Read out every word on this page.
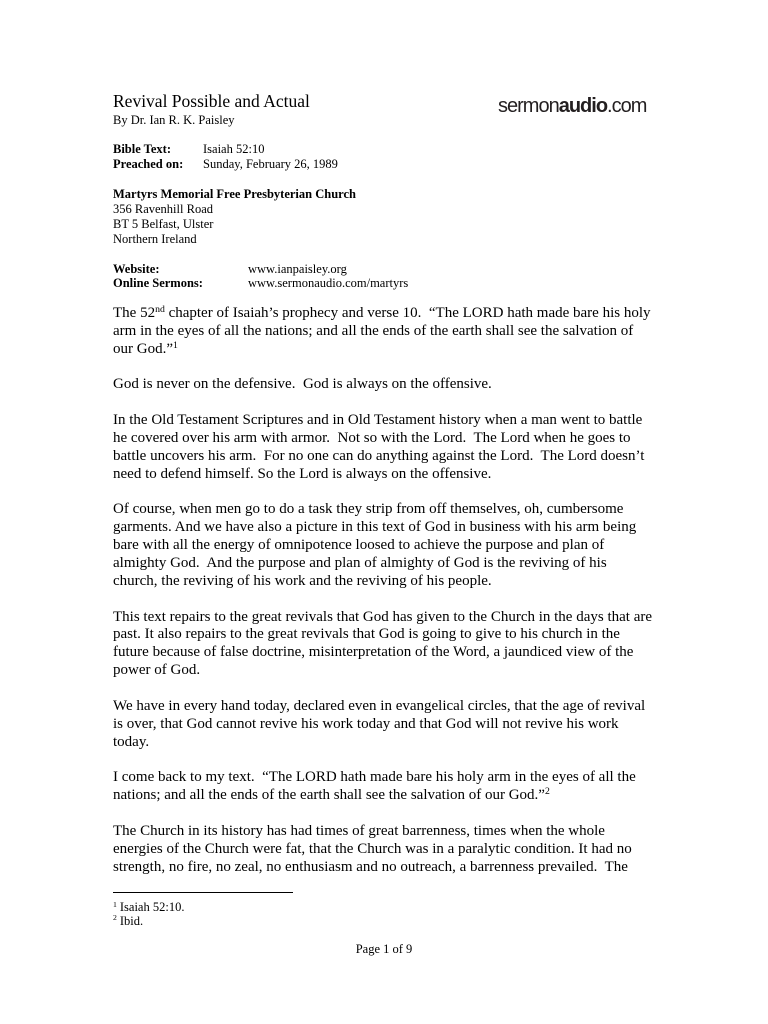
Revival Possible and Actual
By Dr. Ian R. K. Paisley
sermonaudio.com
Bible Text:	Isaiah 52:10
Preached on: Sunday, February 26, 1989
Martyrs Memorial Free Presbyterian Church
356 Ravenhill Road
BT 5 Belfast, Ulster
Northern Ireland
Website:	www.ianpaisley.org
Online Sermons:	www.sermonaudio.com/martyrs
The 52nd chapter of Isaiah’s prophecy and verse 10.  “The LORD hath made bare his holy
arm in the eyes of all the nations; and all the ends of the earth shall see the salvation of
our God.”$^1$
God is never on the defensive.  God is always on the offensive.
In the Old Testament Scriptures and in Old Testament history when a man went to battle
he covered over his arm with armor.  Not so with the Lord.  The Lord when he goes to
battle uncovers his arm.  For no one can do anything against the Lord.  The Lord doesn’t
need to defend himself. So the Lord is always on the offensive.
Of course, when men go to do a task they strip from off themselves, oh, cumbersome
garments. And we have also a picture in this text of God in business with his arm being
bare with all the energy of omnipotence loosed to achieve the purpose and plan of
almighty God.  And the purpose and plan of almighty of God is the reviving of his
church, the reviving of his work and the reviving of his people.
This text repairs to the great revivals that God has given to the Church in the days that are
past. It also repairs to the great revivals that God is going to give to his church in the
future because of false doctrine, misinterpretation of the Word, a jaundiced view of the
power of God.
We have in every hand today, declared even in evangelical circles, that the age of revival
is over, that God cannot revive his work today and that God will not revive his work
today.
I come back to my text.  “The LORD hath made bare his holy arm in the eyes of all the
nations; and all the ends of the earth shall see the salvation of our God.”$^2$
The Church in its history has had times of great barrenness, times when the whole
energies of the Church were fat, that the Church was in a paralytic condition. It had no
strength, no fire, no zeal, no enthusiasm and no outreach, a barrenness prevailed.  The
$^1$ Isaiah 52:10.
$^2$ Ibid.
Page 1 of 9
